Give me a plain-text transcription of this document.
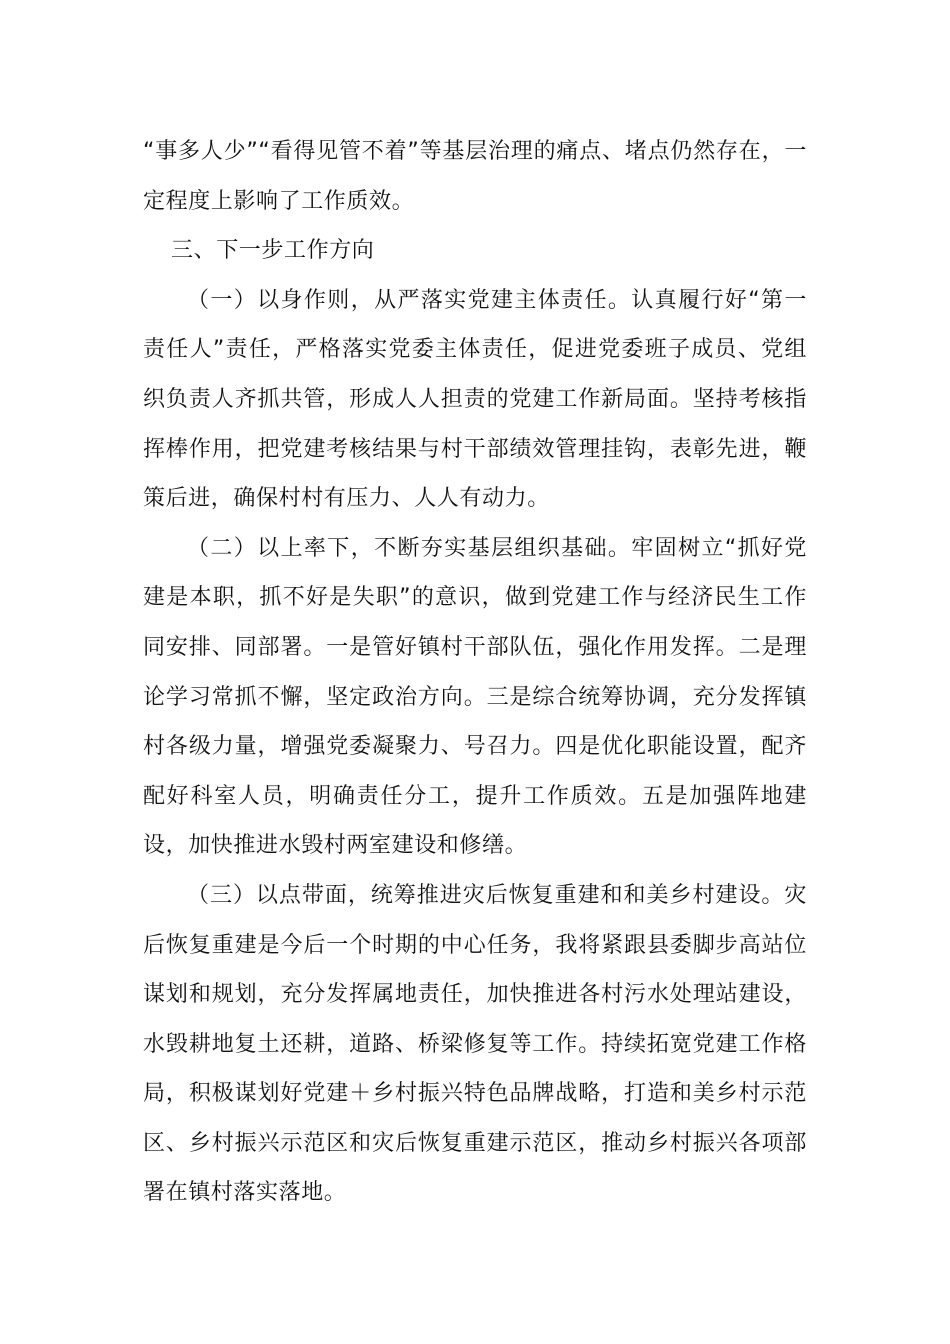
“事多人少”“看得见管不着”等基层治理的痛点、堵点仍然存在，一定程度上影响了工作质效。

三、下一步工作方向

（一）以身作则，从严落实党建主体责任。认真履行好“第一责任人”责任，严格落实党委主体责任，促进党委班子成员、党组织负责人齐抓共管，形成人人担责的党建工作新局面。坚持考核指挥棒作用，把党建考核结果与村干部绩效管理挂钩，表彰先进，鞭策后进，确保村村有压力、人人有动力。

（二）以上率下，不断夯实基层组织基础。牢固树立“抓好党建是本职，抓不好是失职”的意识，做到党建工作与经济民生工作同安排、同部署。一是管好镇村干部队伍，强化作用发挥。二是理论学习常抓不懈，坚定政治方向。三是综合统筹协调，充分发挥镇村各级力量，增强党委凝聚力、号召力。四是优化职能设置，配齐配好科室人员，明确责任分工，提升工作质效。五是加强阵地建设，加快推进水毁村两室建设和修缮。

（三）以点带面，统筹推进灾后恢复重建和和美乡村建设。灾后恢复重建是今后一个时期的中心任务，我将紧跟县委脚步高站位谋划和规划，充分发挥属地责任，加快推进各村污水处理站建设，水毁耕地复土还耕，道路、桥梁修复等工作。持续拓宽党建工作格局，积极谋划好党建＋乡村振兴特色品牌战略，打造和美乡村示范区、乡村振兴示范区和灾后恢复重建示范区，推动乡村振兴各项部署在镇村落实落地。
